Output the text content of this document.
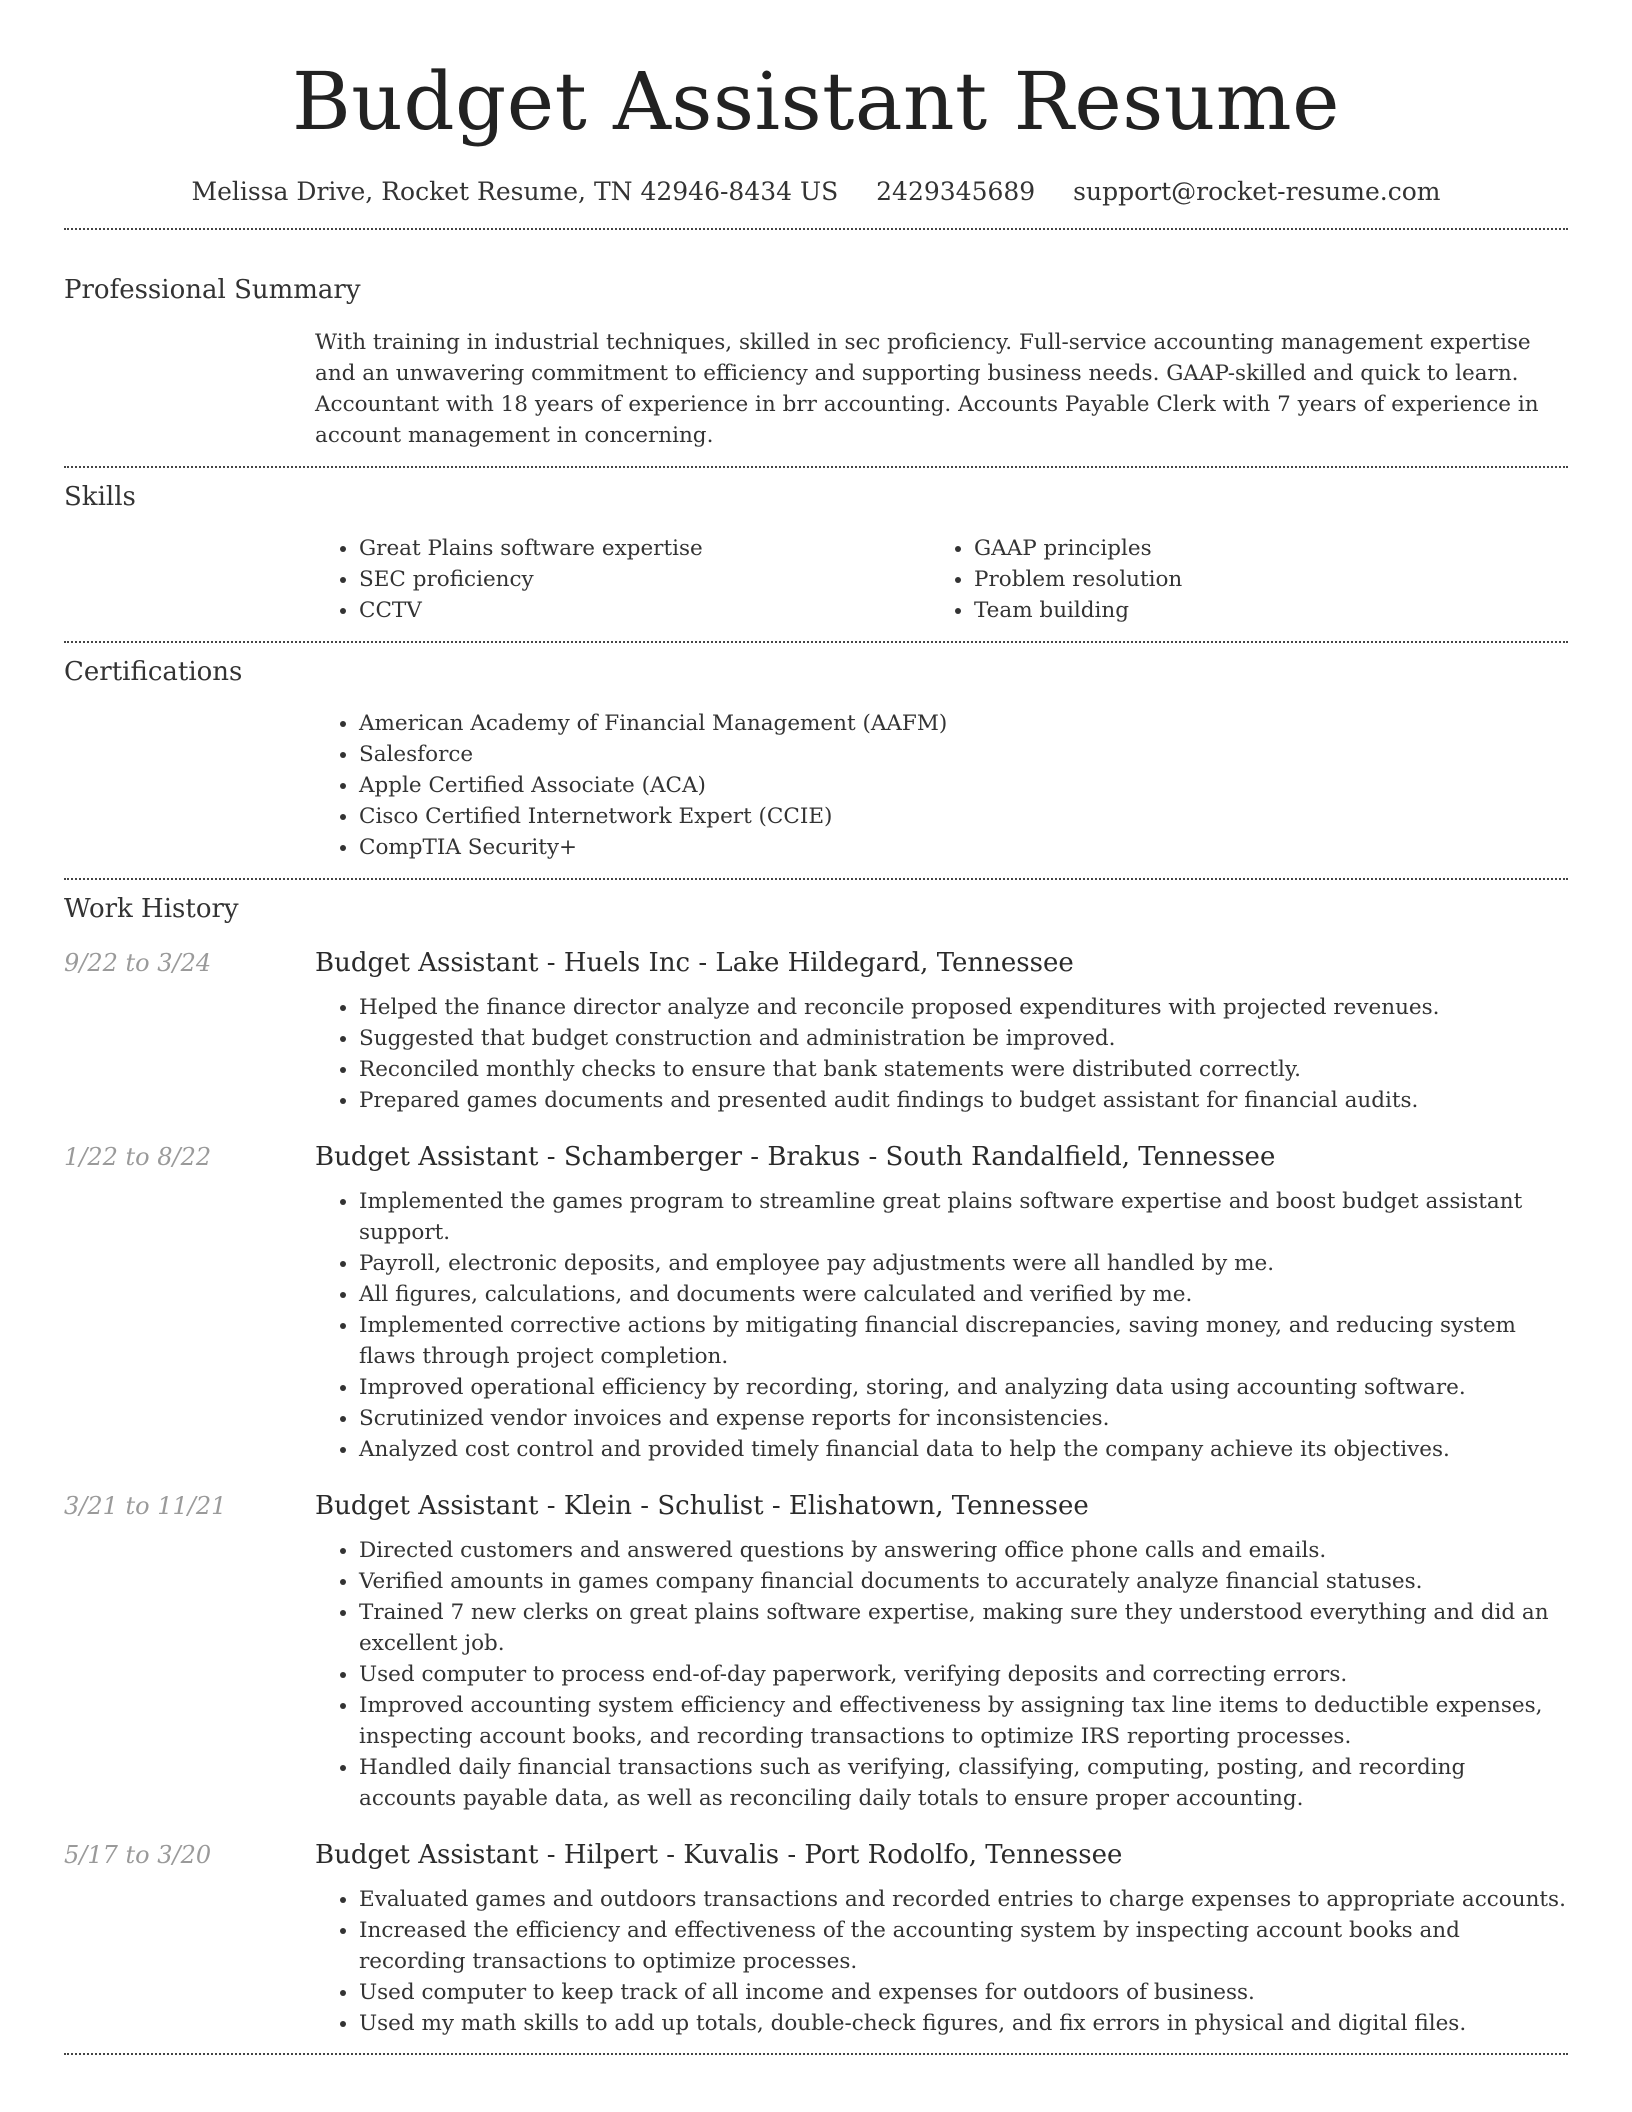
Budget Assistant Resume
Melissa Drive, Rocket Resume, TN 42946-8434 US 2429345689 support@rocket-resume.com
Professional Summary

With training in industrial techniques, skilled in sec proficiency. Full-service accounting management expertise and an unwavering commitment to efficiency and supporting business needs. GAAP-skilled and quick to learn. Accountant with 18 years of experience in brr accounting. Accounts Payable Clerk with 7 years of experience in account management in concerning.

Skills
• Great Plains software expertise
• SEC proficiency
• CCTV
• GAAP principles
• Problem resolution
• Team building
Certifications
• American Academy of Financial Management (AAFM)
• Salesforce
• Apple Certified Associate (ACA)
• Cisco Certified Internetwork Expert (CCIE)
• CompTIA Security+
Work History
9/22 to 3/24	Budget Assistant - Huels Inc - Lake Hildegard, Tennessee
• Helped the finance director analyze and reconcile proposed expenditures with projected revenues.
• Suggested that budget construction and administration be improved.
• Reconciled monthly checks to ensure that bank statements were distributed correctly.
• Prepared games documents and presented audit findings to budget assistant for financial audits.
1/22 to 8/22	Budget Assistant - Schamberger - Brakus - South Randalfield, Tennessee
• Implemented the games program to streamline great plains software expertise and boost budget assistant support.
• Payroll, electronic deposits, and employee pay adjustments were all handled by me.
• All figures, calculations, and documents were calculated and verified by me.
• Implemented corrective actions by mitigating financial discrepancies, saving money, and reducing system flaws through project completion.
• Improved operational efficiency by recording, storing, and analyzing data using accounting software.
• Scrutinized vendor invoices and expense reports for inconsistencies.
• Analyzed cost control and provided timely financial data to help the company achieve its objectives.
3/21 to 11/21	Budget Assistant - Klein - Schulist - Elishatown, Tennessee
• Directed customers and answered questions by answering office phone calls and emails.
• Verified amounts in games company financial documents to accurately analyze financial statuses.
• Trained 7 new clerks on great plains software expertise, making sure they understood everything and did an excellent job.
• Used computer to process end-of-day paperwork, verifying deposits and correcting errors.
• Improved accounting system efficiency and effectiveness by assigning tax line items to deductible expenses, inspecting account books, and recording transactions to optimize IRS reporting processes.
• Handled daily financial transactions such as verifying, classifying, computing, posting, and recording accounts payable data, as well as reconciling daily totals to ensure proper accounting.
5/17 to 3/20	Budget Assistant - Hilpert - Kuvalis - Port Rodolfo, Tennessee
• Evaluated games and outdoors transactions and recorded entries to charge expenses to appropriate accounts.
• Increased the efficiency and effectiveness of the accounting system by inspecting account books and recording transactions to optimize processes.
• Used computer to keep track of all income and expenses for outdoors of business.
• Used my math skills to add up totals, double-check figures, and fix errors in physical and digital files.
